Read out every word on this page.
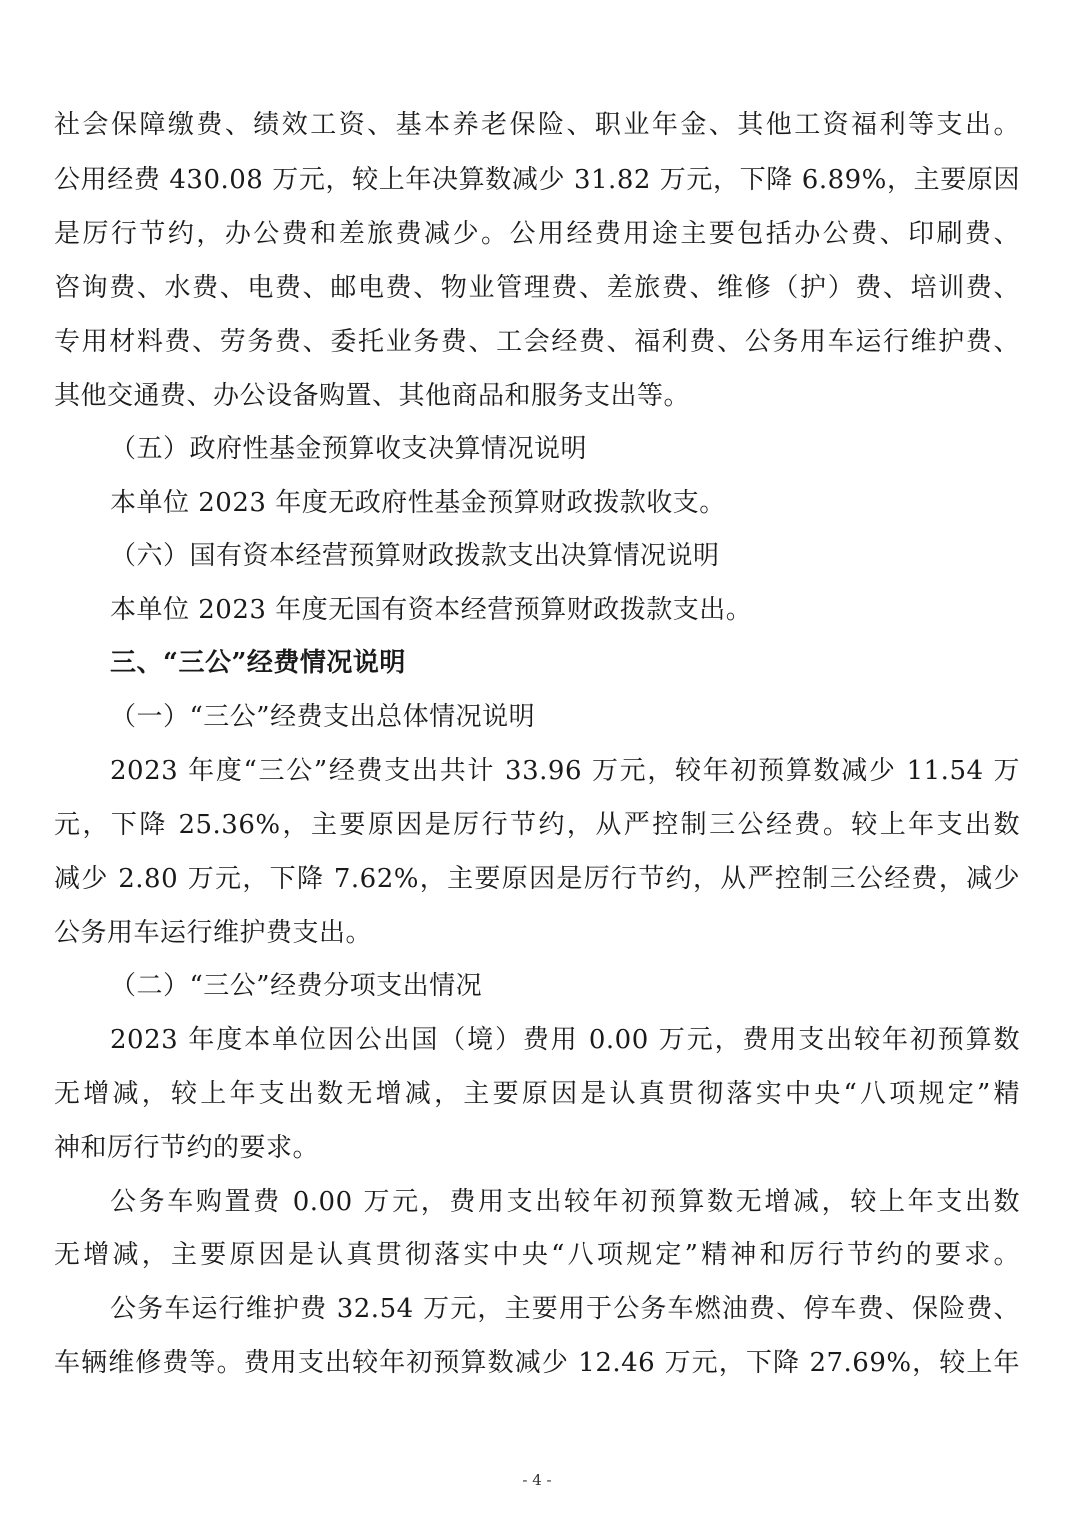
社会保障缴费、绩效工资、基本养老保险、职业年金、其他工资福利等支出。
公用经费 430.08 万元，较上年决算数减少 31.82 万元，下降 6.89%，主要原因
是厉行节约，办公费和差旅费减少。公用经费用途主要包括办公费、印刷费、
咨询费、水费、电费、邮电费、物业管理费、差旅费、维修（护）费、培训费、
专用材料费、劳务费、委托业务费、工会经费、福利费、公务用车运行维护费、
其他交通费、办公设备购置、其他商品和服务支出等。
（五）政府性基金预算收支决算情况说明
本单位 2023 年度无政府性基金预算财政拨款收支。
（六）国有资本经营预算财政拨款支出决算情况说明
本单位 2023 年度无国有资本经营预算财政拨款支出。
三、“三公”经费情况说明
（一）“三公”经费支出总体情况说明
2023 年度“三公”经费支出共计 33.96 万元，较年初预算数减少 11.54 万
元，下降 25.36%，主要原因是厉行节约，从严控制三公经费。较上年支出数
减少 2.80 万元，下降 7.62%，主要原因是厉行节约，从严控制三公经费，减少
公务用车运行维护费支出。
（二）“三公”经费分项支出情况
2023 年度本单位因公出国（境）费用 0.00 万元，费用支出较年初预算数
无增减，较上年支出数无增减，主要原因是认真贯彻落实中央“八项规定”精
神和厉行节约的要求。
公务车购置费 0.00 万元，费用支出较年初预算数无增减，较上年支出数
无增减，主要原因是认真贯彻落实中央“八项规定”精神和厉行节约的要求。
公务车运行维护费 32.54 万元，主要用于公务车燃油费、停车费、保险费、
车辆维修费等。费用支出较年初预算数减少 12.46 万元，下降 27.69%，较上年
- 4 -
